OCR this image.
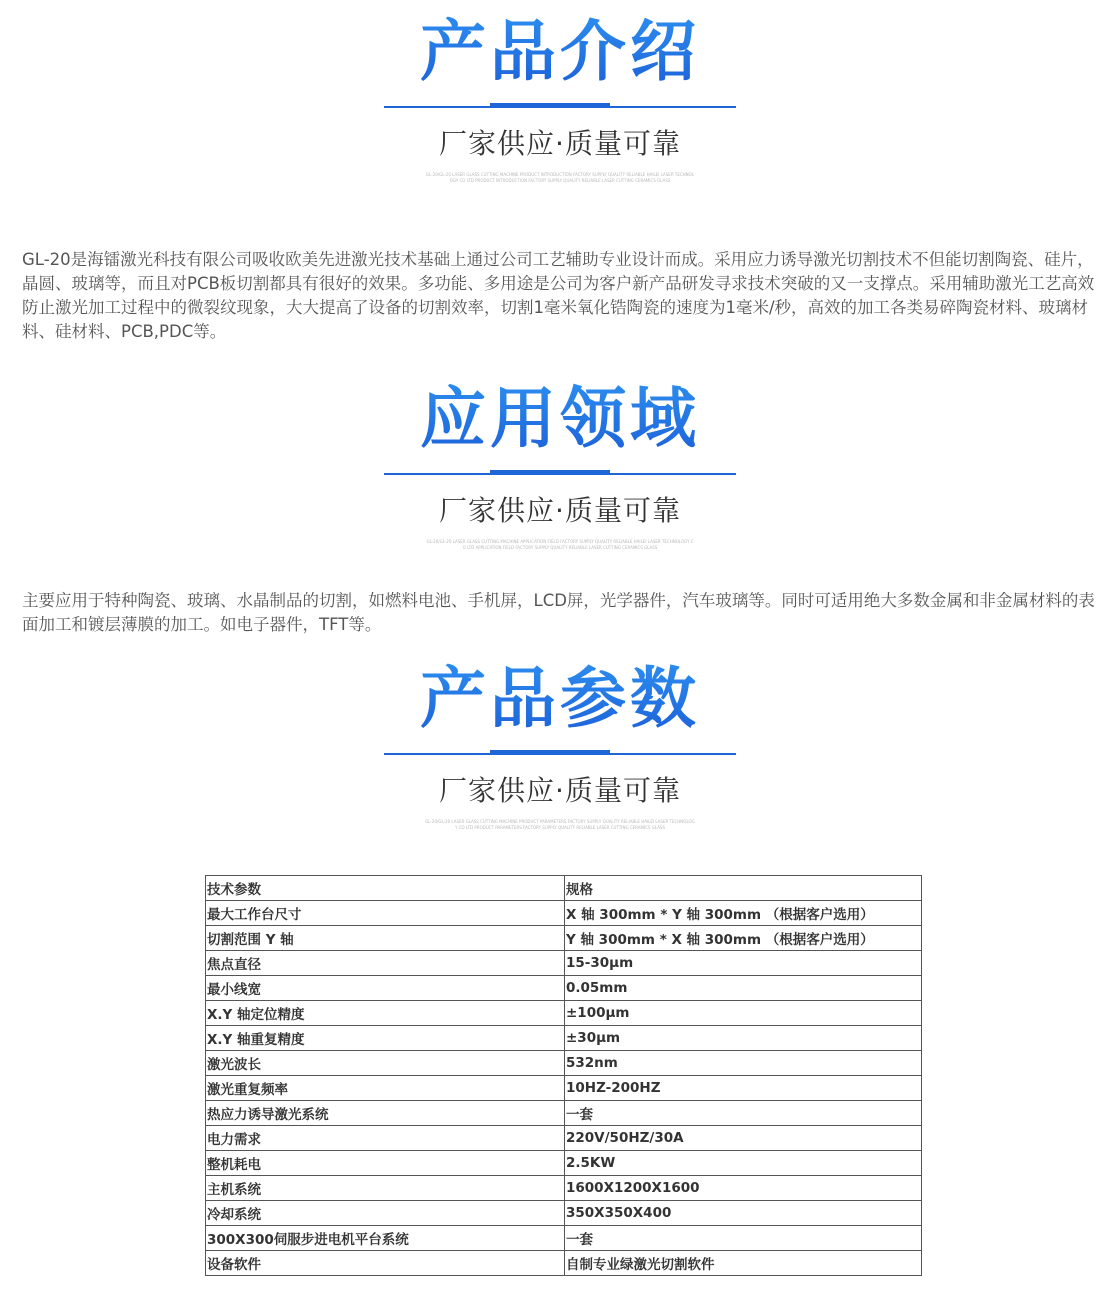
产品介绍
厂家供应·质量可靠
GL-20/GL-20 LASER GLASS CUTTING MACHINE PRODUCT INTRODUCTION FACTORY SUPPLY QUALITY RELIABLE HAILEI LASER TECHNOLOGY CO LTD PRODUCT INTRODUCTION FACTORY SUPPLY QUALITY RELIABLE LASER CUTTING CERAMICS GLASS

GL-20是海镭激光科技有限公司吸收欧美先进激光技术基础上通过公司工艺辅助专业设计而成。采用应力诱导激光切割技术不但能切割陶瓷、硅片，晶圆、玻璃等，而且对PCB板切割都具有很好的效果。多功能、多用途是公司为客户新产品研发寻求技术突破的又一支撑点。采用辅助激光工艺高效防止激光加工过程中的微裂纹现象，大大提高了设备的切割效率，切割1毫米氧化锆陶瓷的速度为1毫米/秒，高效的加工各类易碎陶瓷材料、玻璃材料、硅材料、PCB,PDC等。

应用领域
厂家供应·质量可靠
GL-20/GL-20 LASER GLASS CUTTING MACHINE APPLICATION FIELD FACTORY SUPPLY QUALITY RELIABLE HAILEI LASER TECHNOLOGY CO LTD APPLICATION FIELD FACTORY SUPPLY QUALITY RELIABLE LASER CUTTING CERAMICS GLASS

主要应用于特种陶瓷、玻璃、水晶制品的切割，如燃料电池、手机屏，LCD屏，光学器件，汽车玻璃等。同时可适用绝大多数金属和非金属材料的表面加工和镀层薄膜的加工。如电子器件，TFT等。

产品参数
厂家供应·质量可靠
GL-20/GL-20 LASER GLASS CUTTING MACHINE PRODUCT PARAMETERS FACTORY SUPPLY QUALITY RELIABLE HAILEI LASER TECHNOLOGY CO LTD PRODUCT PARAMETERS FACTORY SUPPLY QUALITY RELIABLE LASER CUTTING CERAMICS GLASS
技术参数	规格
最大工作台尺寸	X 轴 300mm * Y 轴 300mm （根据客户选用）
切割范围 Y 轴	Y 轴 300mm * X 轴 300mm （根据客户选用）
焦点直径	15-30μm
最小线宽	0.05mm
X.Y 轴定位精度	±100μm
X.Y 轴重复精度	±30μm
激光波长	532nm
激光重复频率	10HZ-200HZ
热应力诱导激光系统	一套
电力需求	220V/50HZ/30A
整机耗电	2.5KW
主机系统	1600X1200X1600
冷却系统	350X350X400
300X300伺服步进电机平台系统	一套
设备软件	自制专业绿激光切割软件
